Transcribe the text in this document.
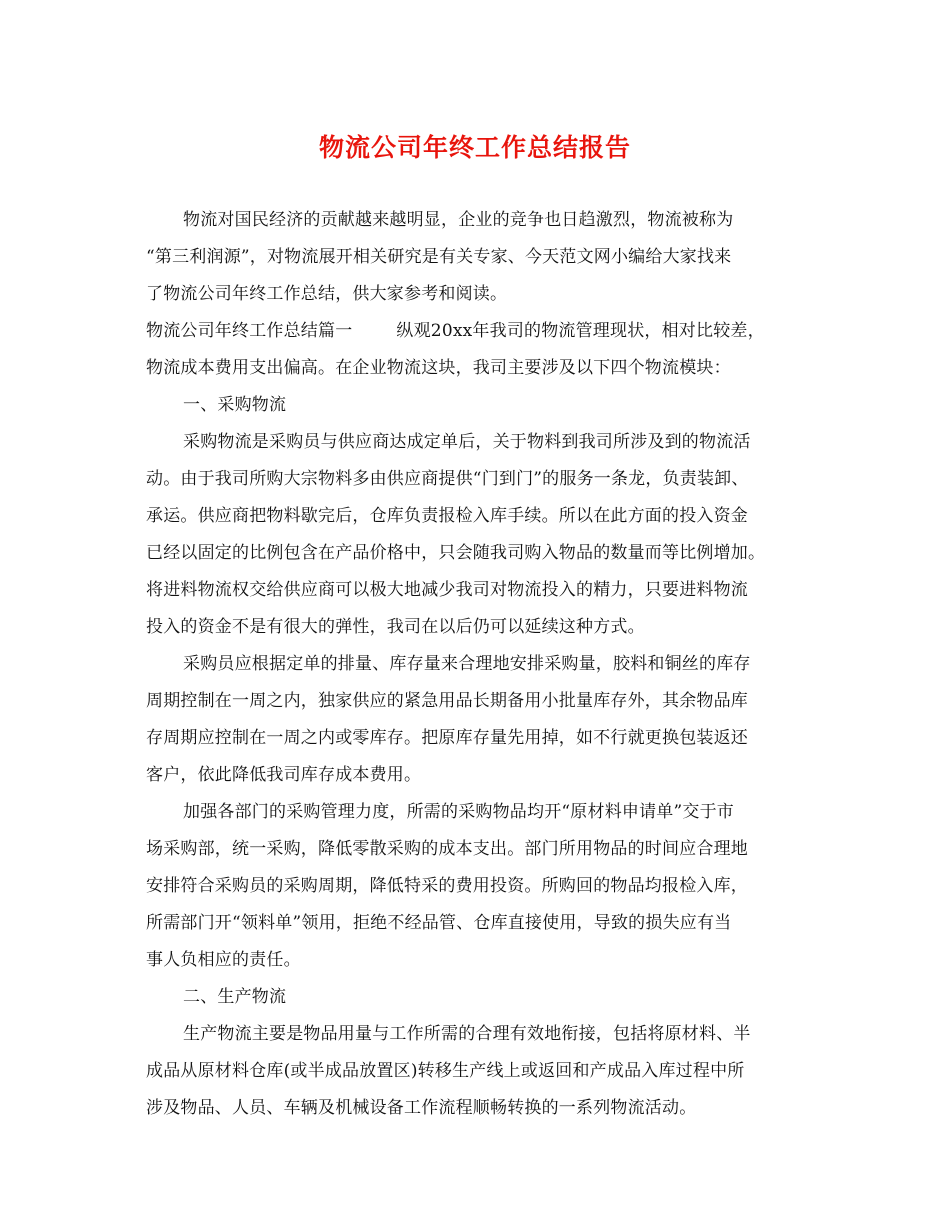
物流公司年终工作总结报告

物流对国民经济的贡献越来越明显，企业的竞争也日趋激烈，物流被称为

“第三利润源”，对物流展开相关研究是有关专家、今天范文网小编给大家找来

了物流公司年终工作总结，供大家参考和阅读。

物流公司年终工作总结篇一	纵观20xx年我司的物流管理现状，相对比较差，

物流成本费用支出偏高。在企业物流这块，我司主要涉及以下四个物流模块：

一、采购物流

采购物流是采购员与供应商达成定单后，关于物料到我司所涉及到的物流活

动。由于我司所购大宗物料多由供应商提供“门到门”的服务一条龙，负责装卸、

承运。供应商把物料歇完后，仓库负责报检入库手续。所以在此方面的投入资金

已经以固定的比例包含在产品价格中，只会随我司购入物品的数量而等比例增加。

将进料物流权交给供应商可以极大地减少我司对物流投入的精力，只要进料物流

投入的资金不是有很大的弹性，我司在以后仍可以延续这种方式。

采购员应根据定单的排量、库存量来合理地安排采购量，胶料和铜丝的库存

周期控制在一周之内，独家供应的紧急用品长期备用小批量库存外，其余物品库

存周期应控制在一周之内或零库存。把原库存量先用掉，如不行就更换包装返还

客户，依此降低我司库存成本费用。

加强各部门的采购管理力度，所需的采购物品均开“原材料申请单”交于市

场采购部，统一采购，降低零散采购的成本支出。部门所用物品的时间应合理地

安排符合采购员的采购周期，降低特采的费用投资。所购回的物品均报检入库，

所需部门开“领料单”领用，拒绝不经品管、仓库直接使用，导致的损失应有当

事人负相应的责任。

二、生产物流

生产物流主要是物品用量与工作所需的合理有效地衔接，包括将原材料、半

成品从原材料仓库(或半成品放置区)转移生产线上或返回和产成品入库过程中所

涉及物品、人员、车辆及机械设备工作流程顺畅转换的一系列物流活动。
